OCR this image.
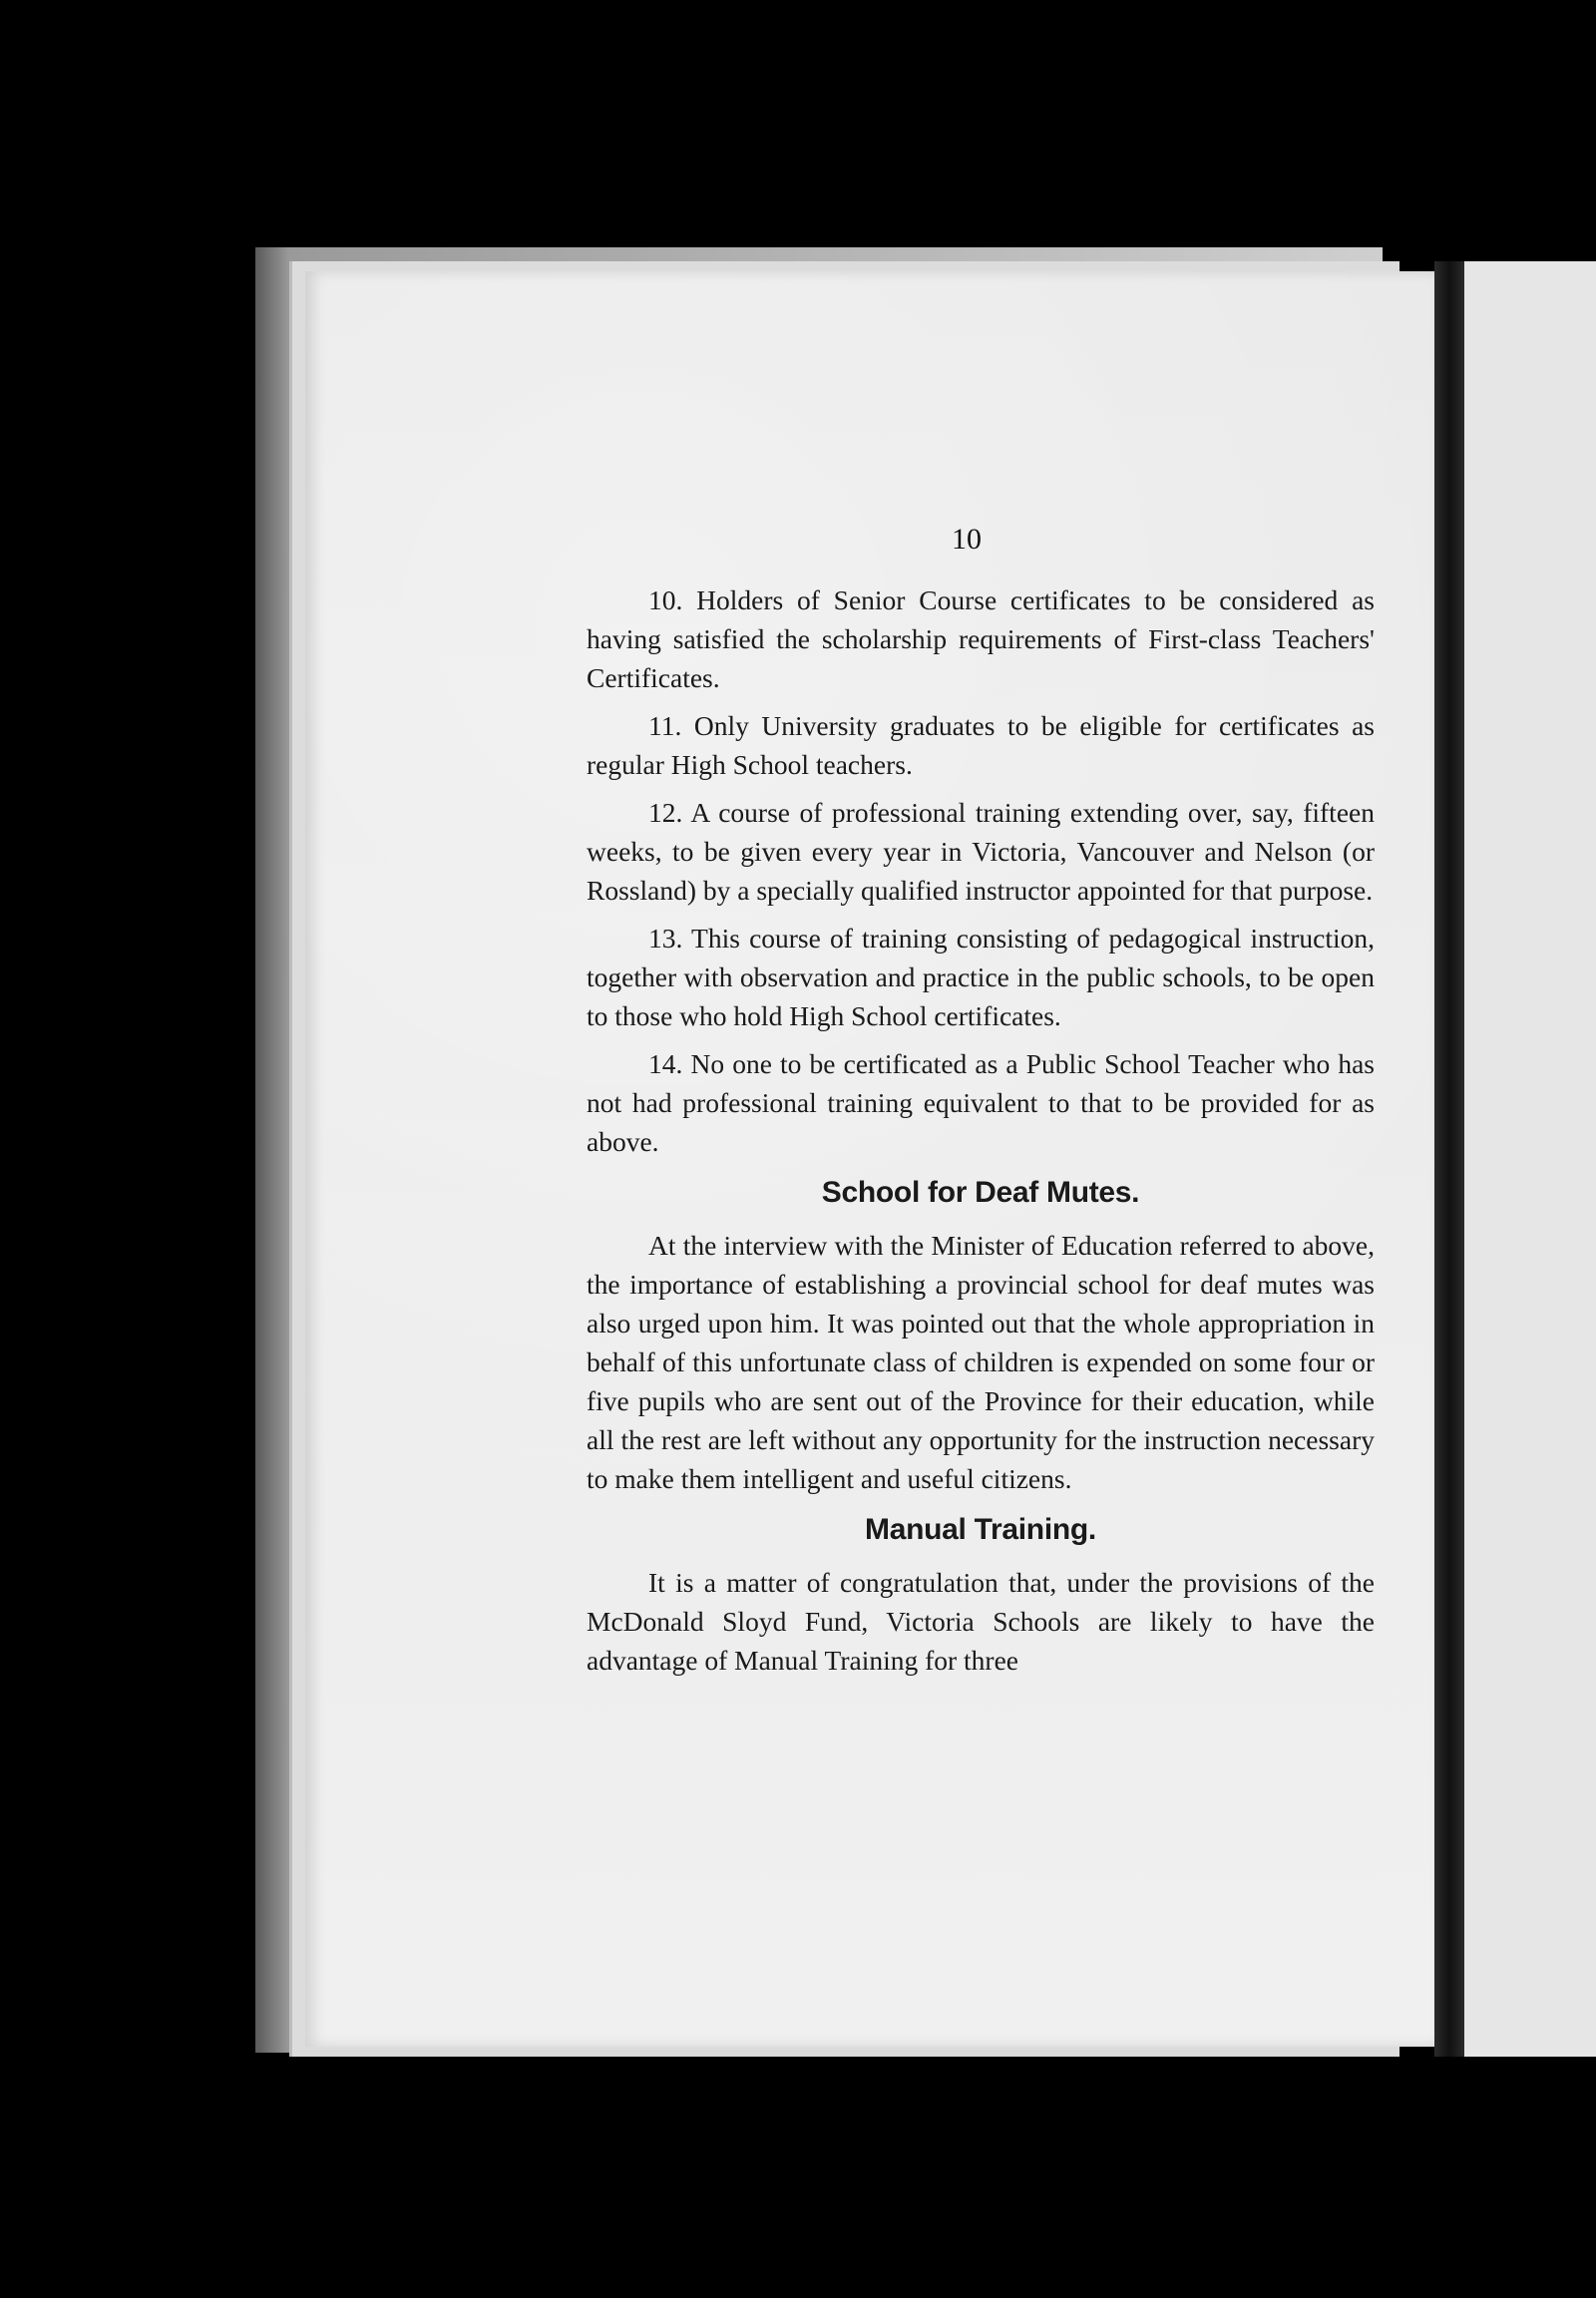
10

10. Holders of Senior Course certificates to be considered as having satisfied the scholarship requirements of First-class Teachers' Certificates.

11. Only University graduates to be eligible for certificates as regular High School teachers.

12. A course of professional training extending over, say, fifteen weeks, to be given every year in Victoria, Vancouver and Nelson (or Rossland) by a specially qualified instructor appointed for that purpose.

13. This course of training consisting of pedagogical instruction, together with observation and practice in the public schools, to be open to those who hold High School certificates.

14. No one to be certificated as a Public School Teacher who has not had professional training equivalent to that to be provided for as above.

School for Deaf Mutes.

At the interview with the Minister of Education referred to above, the importance of establishing a provincial school for deaf mutes was also urged upon him. It was pointed out that the whole appropriation in behalf of this unfortunate class of children is expended on some four or five pupils who are sent out of the Province for their education, while all the rest are left without any opportunity for the instruction necessary to make them intelligent and useful citizens.

Manual Training.

It is a matter of congratulation that, under the provisions of the McDonald Sloyd Fund, Victoria Schools are likely to have the advantage of Manual Training for three
